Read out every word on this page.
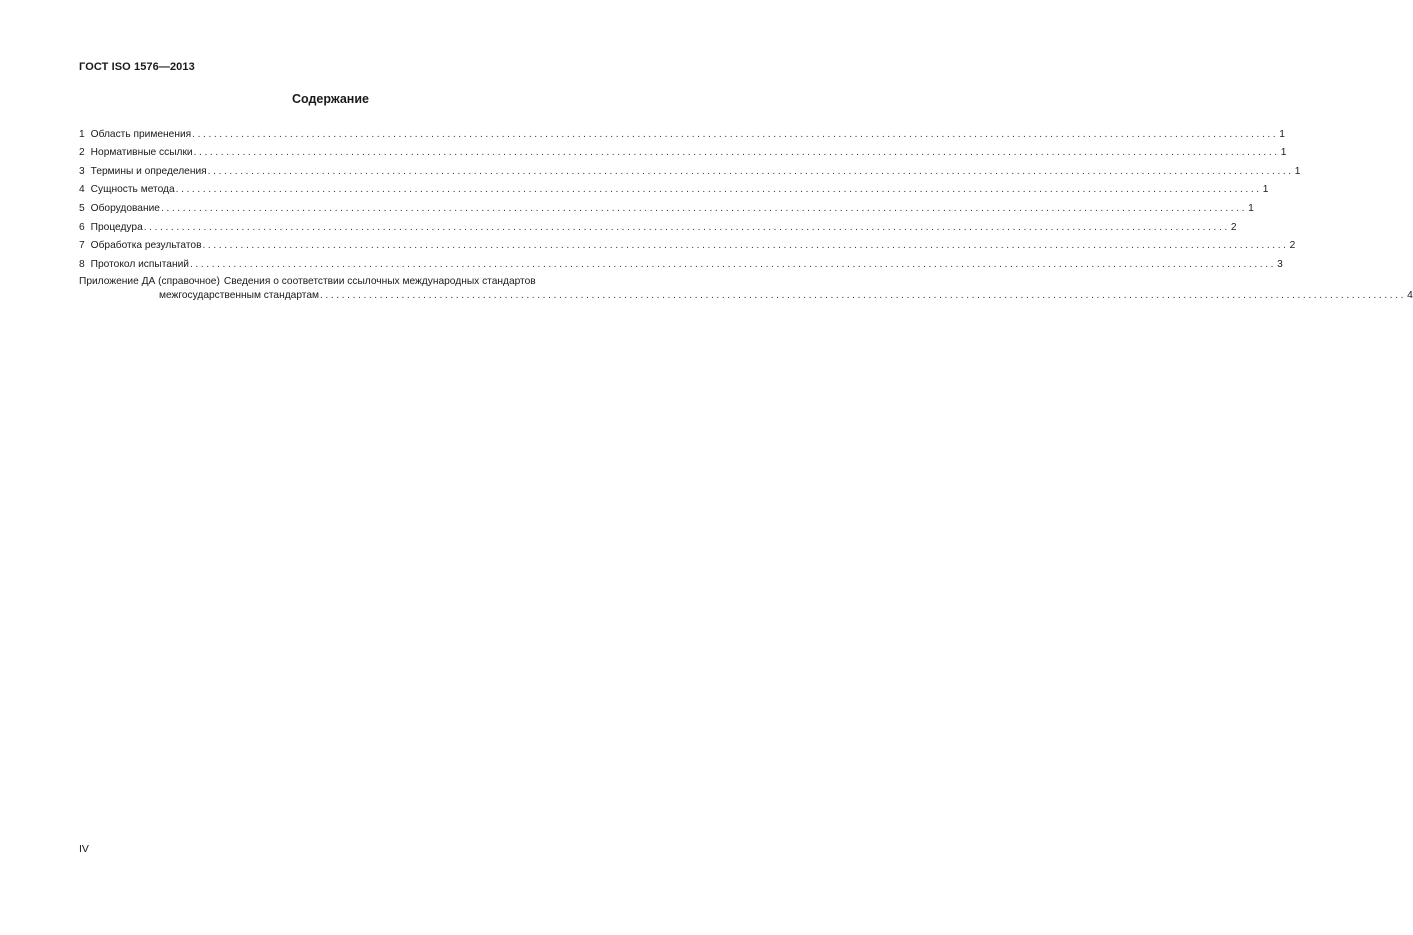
ГОСТ ISO 1576—2013
Содержание
1 Область применения ........................................................................................................................................................................................................ 1
2 Нормативные ссылки ........................................................................................................................................................................................................ 1
3 Термины и определения ........................................................................................................................................................................................................ 1
4 Сущность метода ........................................................................................................................................................................................................ 1
5 Оборудование ........................................................................................................................................................................................................ 1
6 Процедура ........................................................................................................................................................................................................ 2
7 Обработка результатов ........................................................................................................................................................................................................ 2
8 Протокол испытаний ........................................................................................................................................................................................................ 3
Приложение ДА (справочное) Сведения о соответствии ссылочных международных стандартов
межгосударственным стандартам ........................................................................................................................................................................................................ 4
IV
